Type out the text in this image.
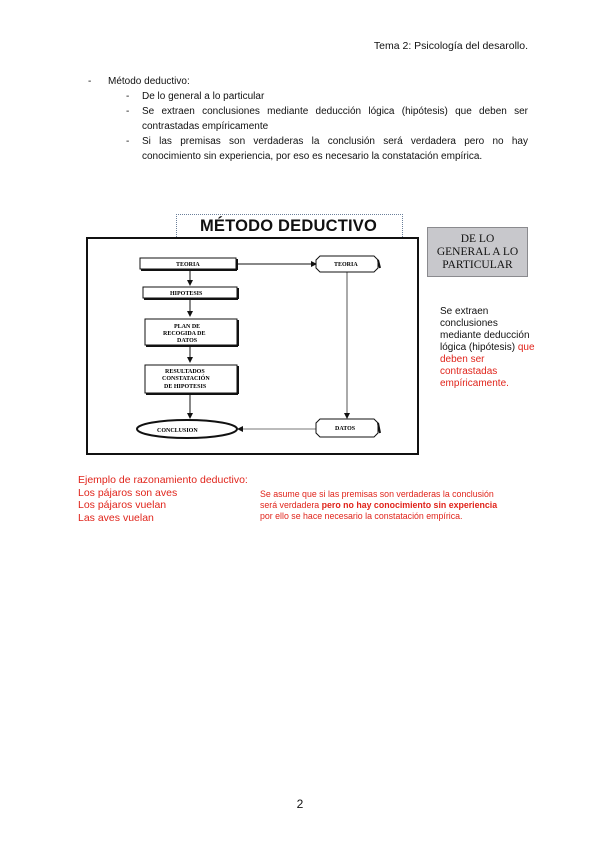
Tema 2: Psicología del desarollo.
- Método deductivo:
- De lo general a lo particular
- Se extraen conclusiones mediante deducción lógica (hipótesis) que deben ser contrastadas empíricamente
- Si las premisas son verdaderas la conclusión será verdadera pero no hay conocimiento sin experiencia, por eso es necesario la constatación empírica.
MÉTODO DEDUCTIVO
TEORIA	TEORIA
HIPOTESIS
PLAN DE
RECOGIDA DE
DATOS
RESULTADOS
CONSTATACIÓN
DE HIPOTESIS
CONCLUSION	DATOS
DE LO
GENERAL A LO
PARTICULAR
Se extraen conclusiones mediante deducción lógica (hipótesis) que deben ser contrastadas empíricamente.
Ejemplo de razonamiento deductivo:
Los pájaros son aves
Los pájaros vuelan
Las aves vuelan
Se asume que si las premisas son verdaderas la conclusión será verdadera pero no hay conocimiento sin experiencia por ello se hace necesario la constatación empírica.
2
